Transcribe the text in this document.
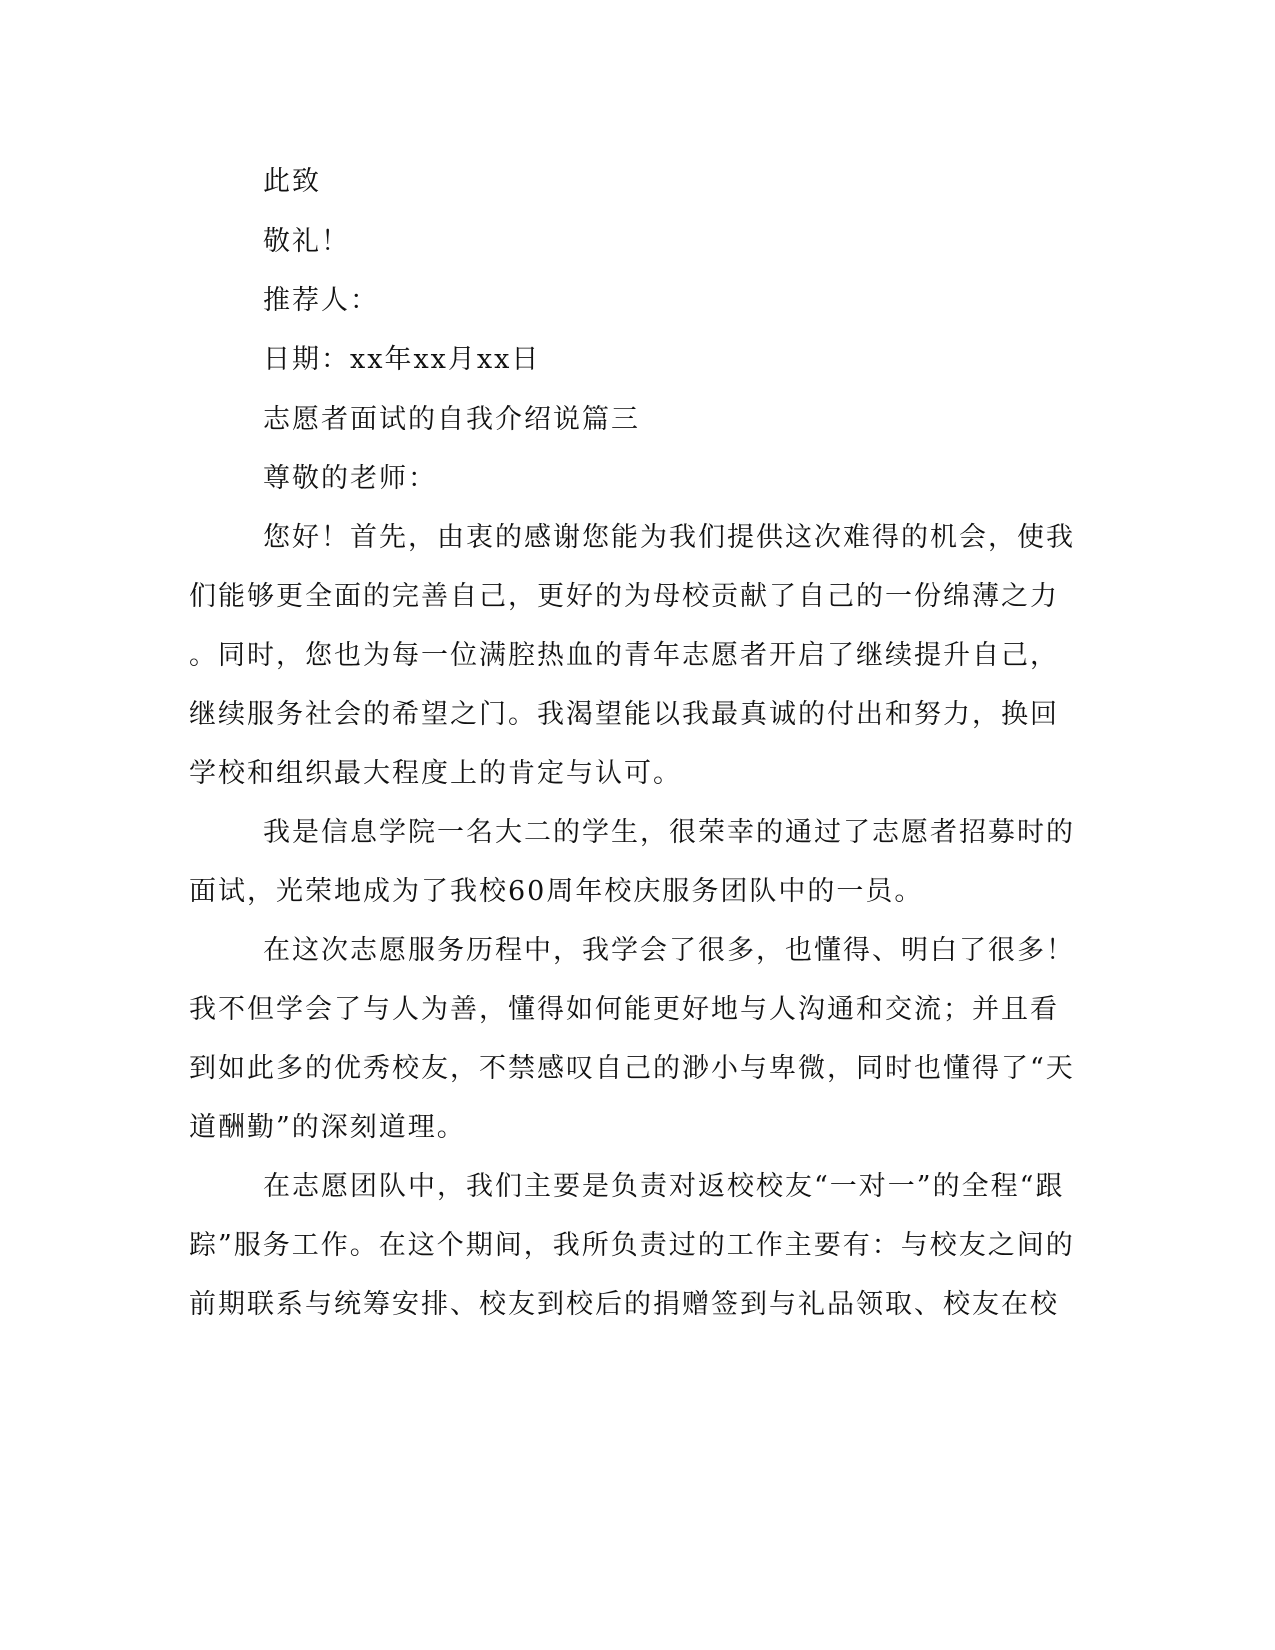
此致
敬礼！
推荐人：
日期：xx年xx月xx日
志愿者面试的自我介绍说篇三
尊敬的老师：
您好！首先，由衷的感谢您能为我们提供这次难得的机会，使我
们能够更全面的完善自己，更好的为母校贡献了自己的一份绵薄之力
。同时，您也为每一位满腔热血的青年志愿者开启了继续提升自己，
继续服务社会的希望之门。我渴望能以我最真诚的付出和努力，换回
学校和组织最大程度上的肯定与认可。
我是信息学院一名大二的学生，很荣幸的通过了志愿者招募时的
面试，光荣地成为了我校60周年校庆服务团队中的一员。
在这次志愿服务历程中，我学会了很多，也懂得、明白了很多！
我不但学会了与人为善，懂得如何能更好地与人沟通和交流；并且看
到如此多的优秀校友，不禁感叹自己的渺小与卑微，同时也懂得了“天
道酬勤”的深刻道理。
在志愿团队中，我们主要是负责对返校校友“一对一”的全程“跟
踪”服务工作。在这个期间，我所负责过的工作主要有：与校友之间的
前期联系与统筹安排、校友到校后的捐赠签到与礼品领取、校友在校
